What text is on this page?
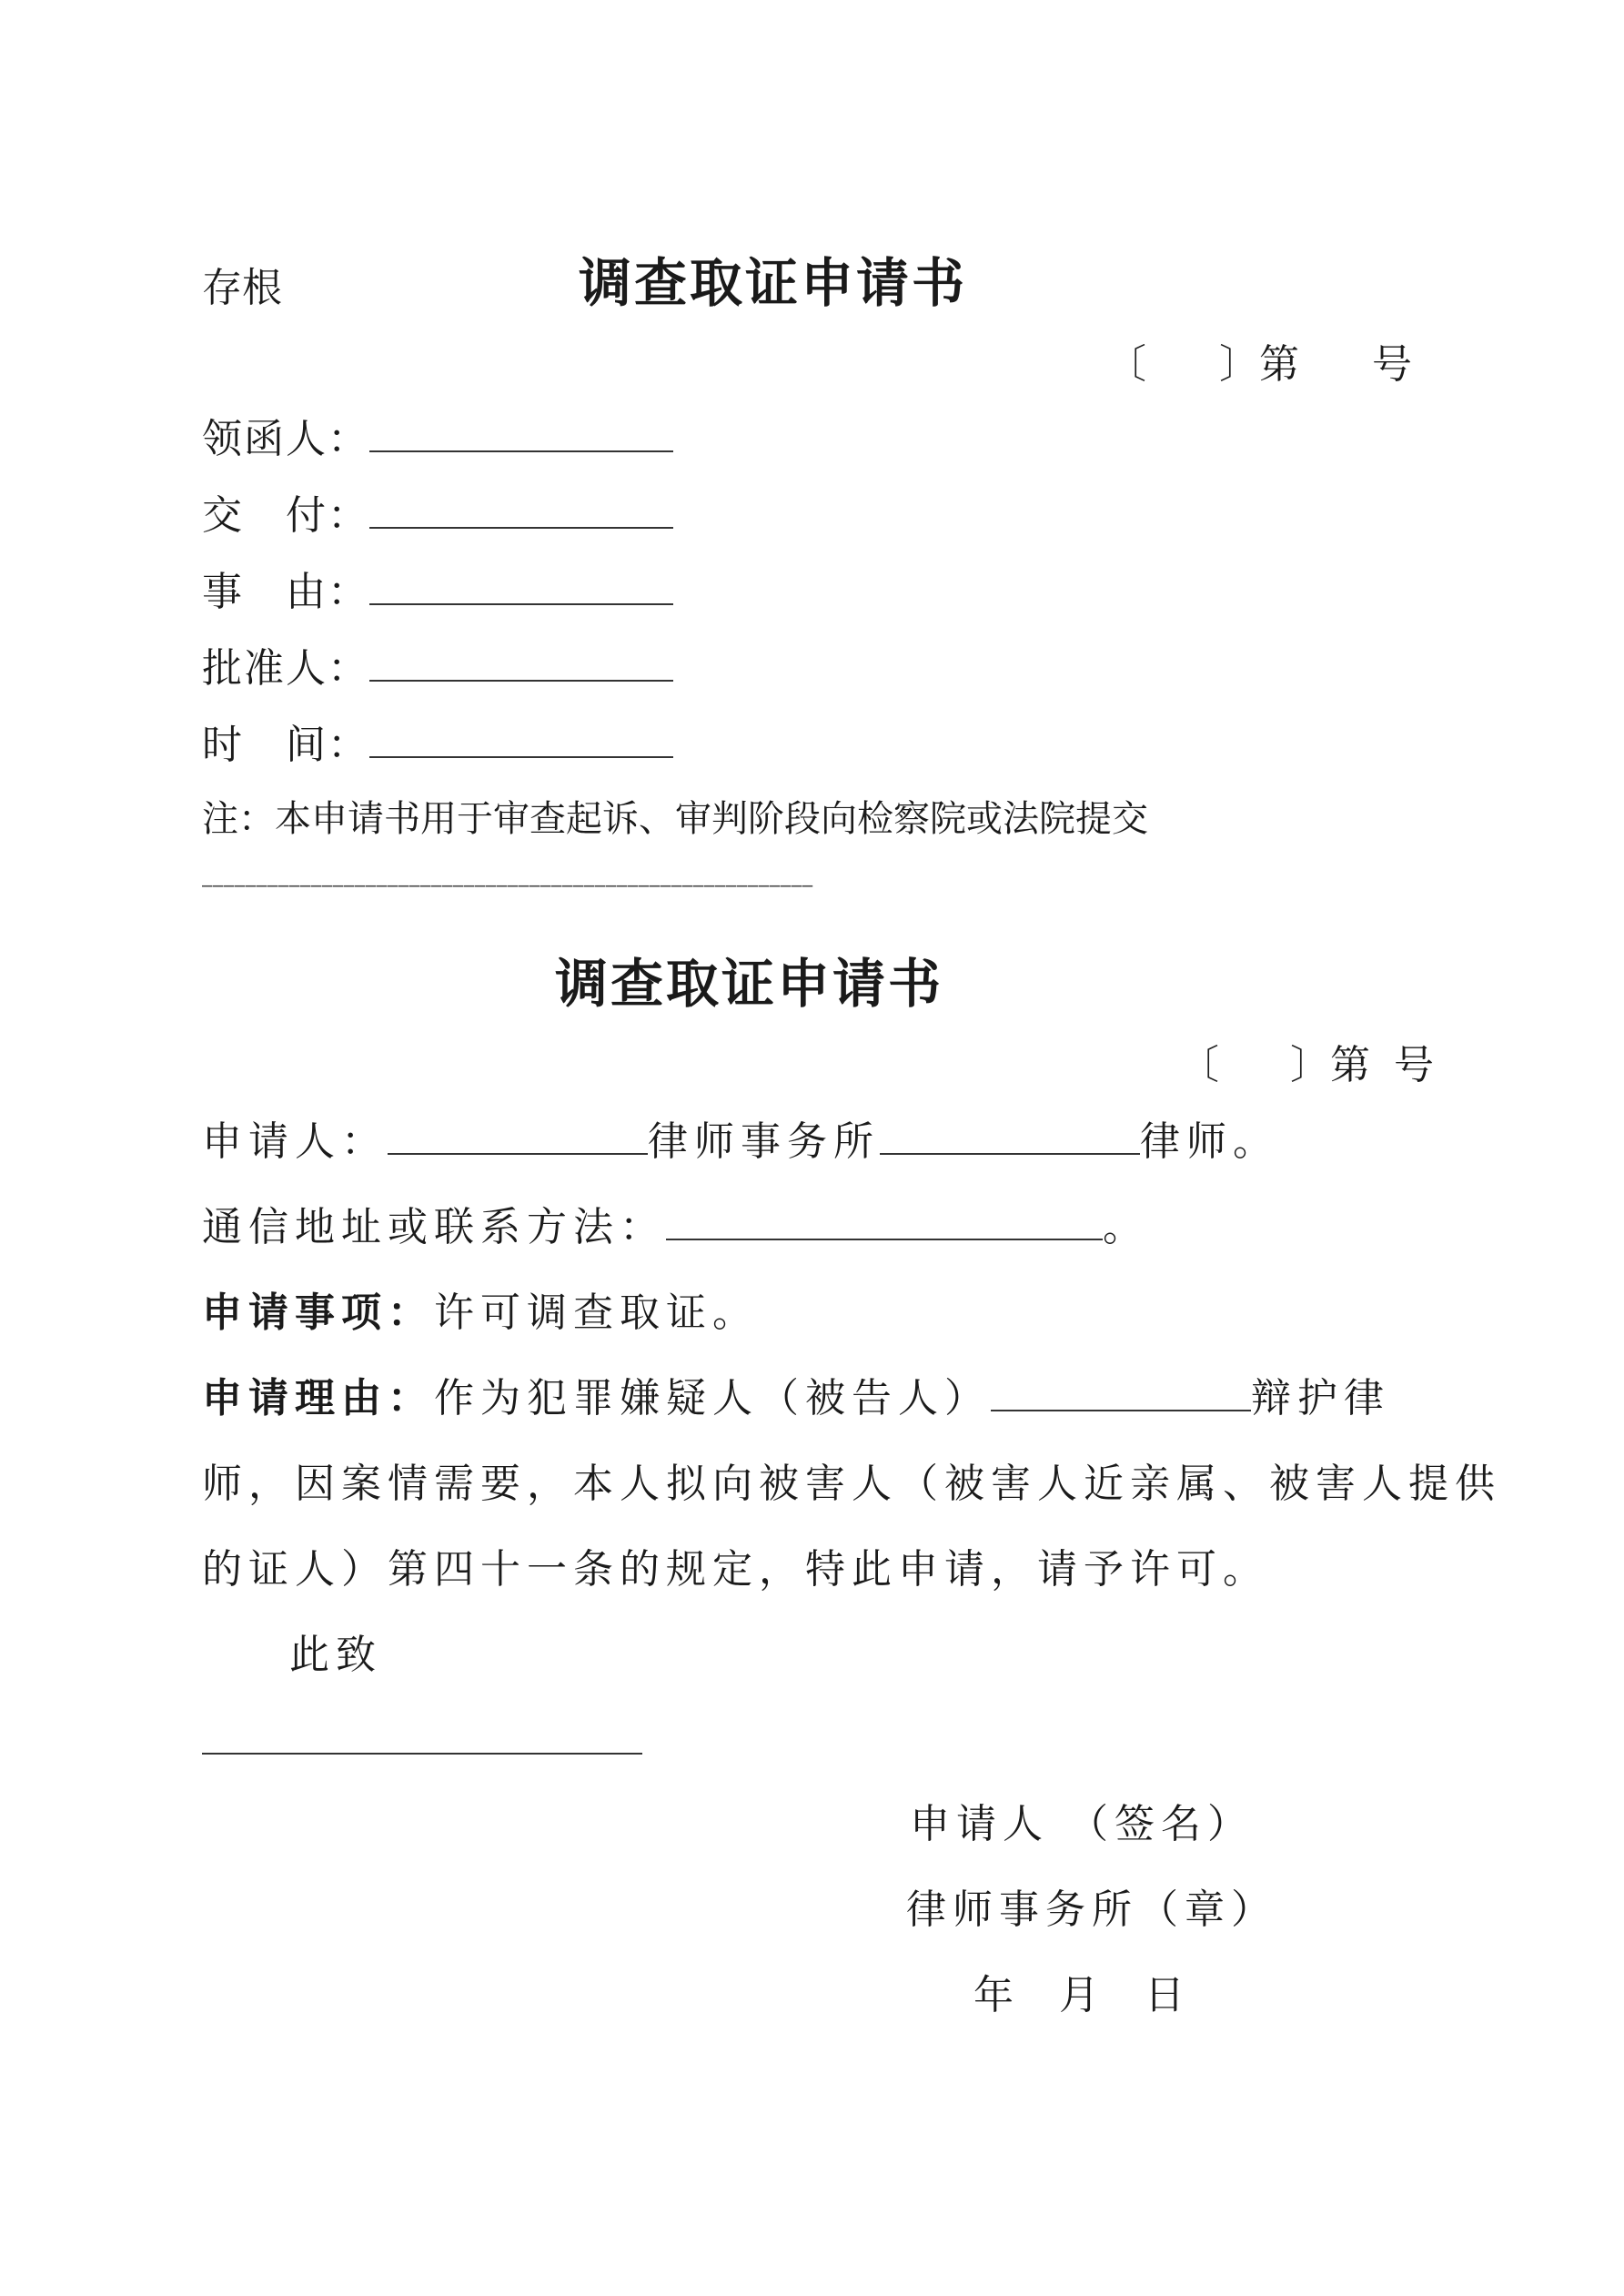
存根	调查取证申请书
〔 〕第 号
领函人：
交　付：
事　由：
批准人：
时　间：
注：本申请书用于审查起诉、审判阶段向检察院或法院提交
________________________________________________________
调查取证申请书
〔 〕第 号
申请人：	律师事务所	律师。
通信地址或联系方法：	。
申请事项：许可调查取证。
申请理由：作为犯罪嫌疑人（被告人）	辩护律
师，因案情需要，本人拟向被害人（被害人近亲属、被害人提供
的证人）第四十一条的规定，特此申请，请予许可。
此致
申请人 （签名）
律师事务所（章）
年 月 日
